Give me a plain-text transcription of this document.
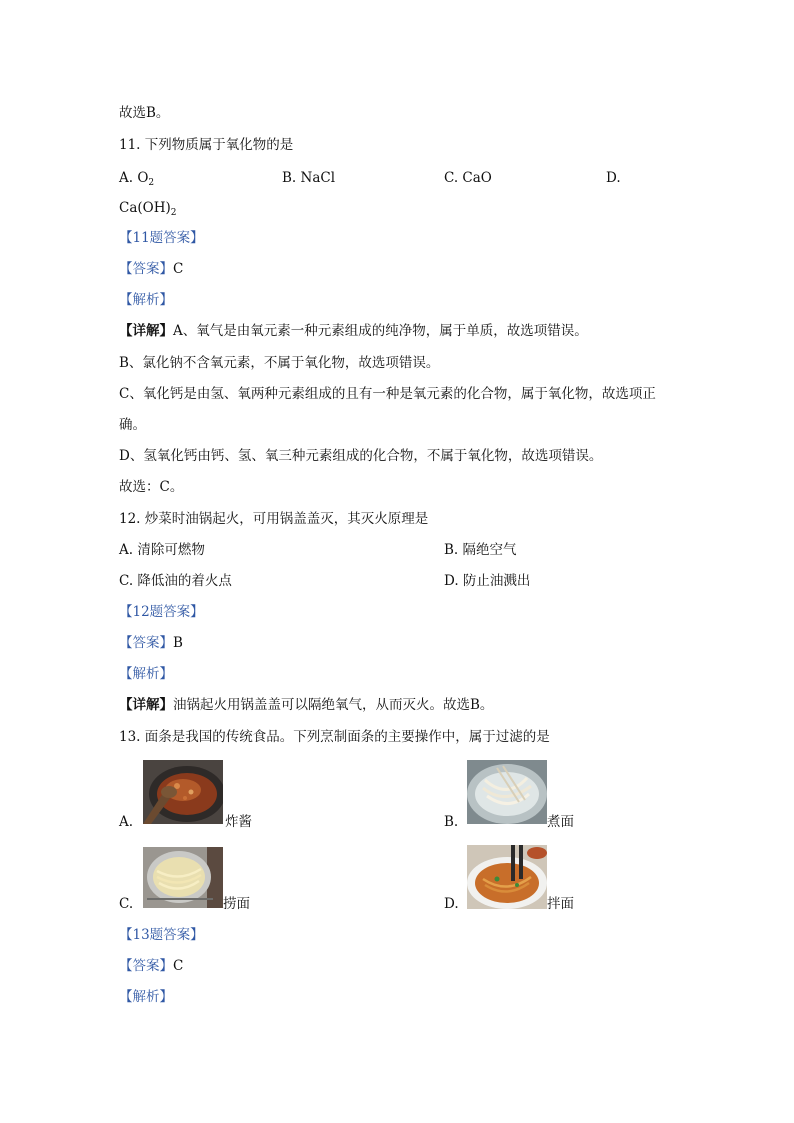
故选B。
11. 下列物质属于氧化物的是
A. $O_2$	B. NaCl	C. CaO	D.
$Ca(OH)_2$
【11题答案】
【答案】C
【解析】
【详解】A、氧气是由氧元素一种元素组成的纯净物，属于单质，故选项错误。
B、氯化钠不含氧元素，不属于氧化物，故选项错误。
C、氧化钙是由氢、氧两种元素组成的且有一种是氧元素的化合物，属于氧化物，故选项正
确。
D、氢氧化钙由钙、氢、氧三种元素组成的化合物，不属于氧化物，故选项错误。
故选：C。
12. 炒菜时油锅起火，可用锅盖盖灭，其灭火原理是
A. 清除可燃物	B. 隔绝空气
C. 降低油的着火点	D. 防止油溅出
【12题答案】
【答案】B
【解析】
【详解】油锅起火用锅盖盖可以隔绝氧气，从而灭火。故选B。
13. 面条是我国的传统食品。下列烹制面条的主要操作中，属于过滤的是
A.	炸酱	B.	煮面
C.	捞面	D.	拌面
【13题答案】
【答案】C
【解析】
